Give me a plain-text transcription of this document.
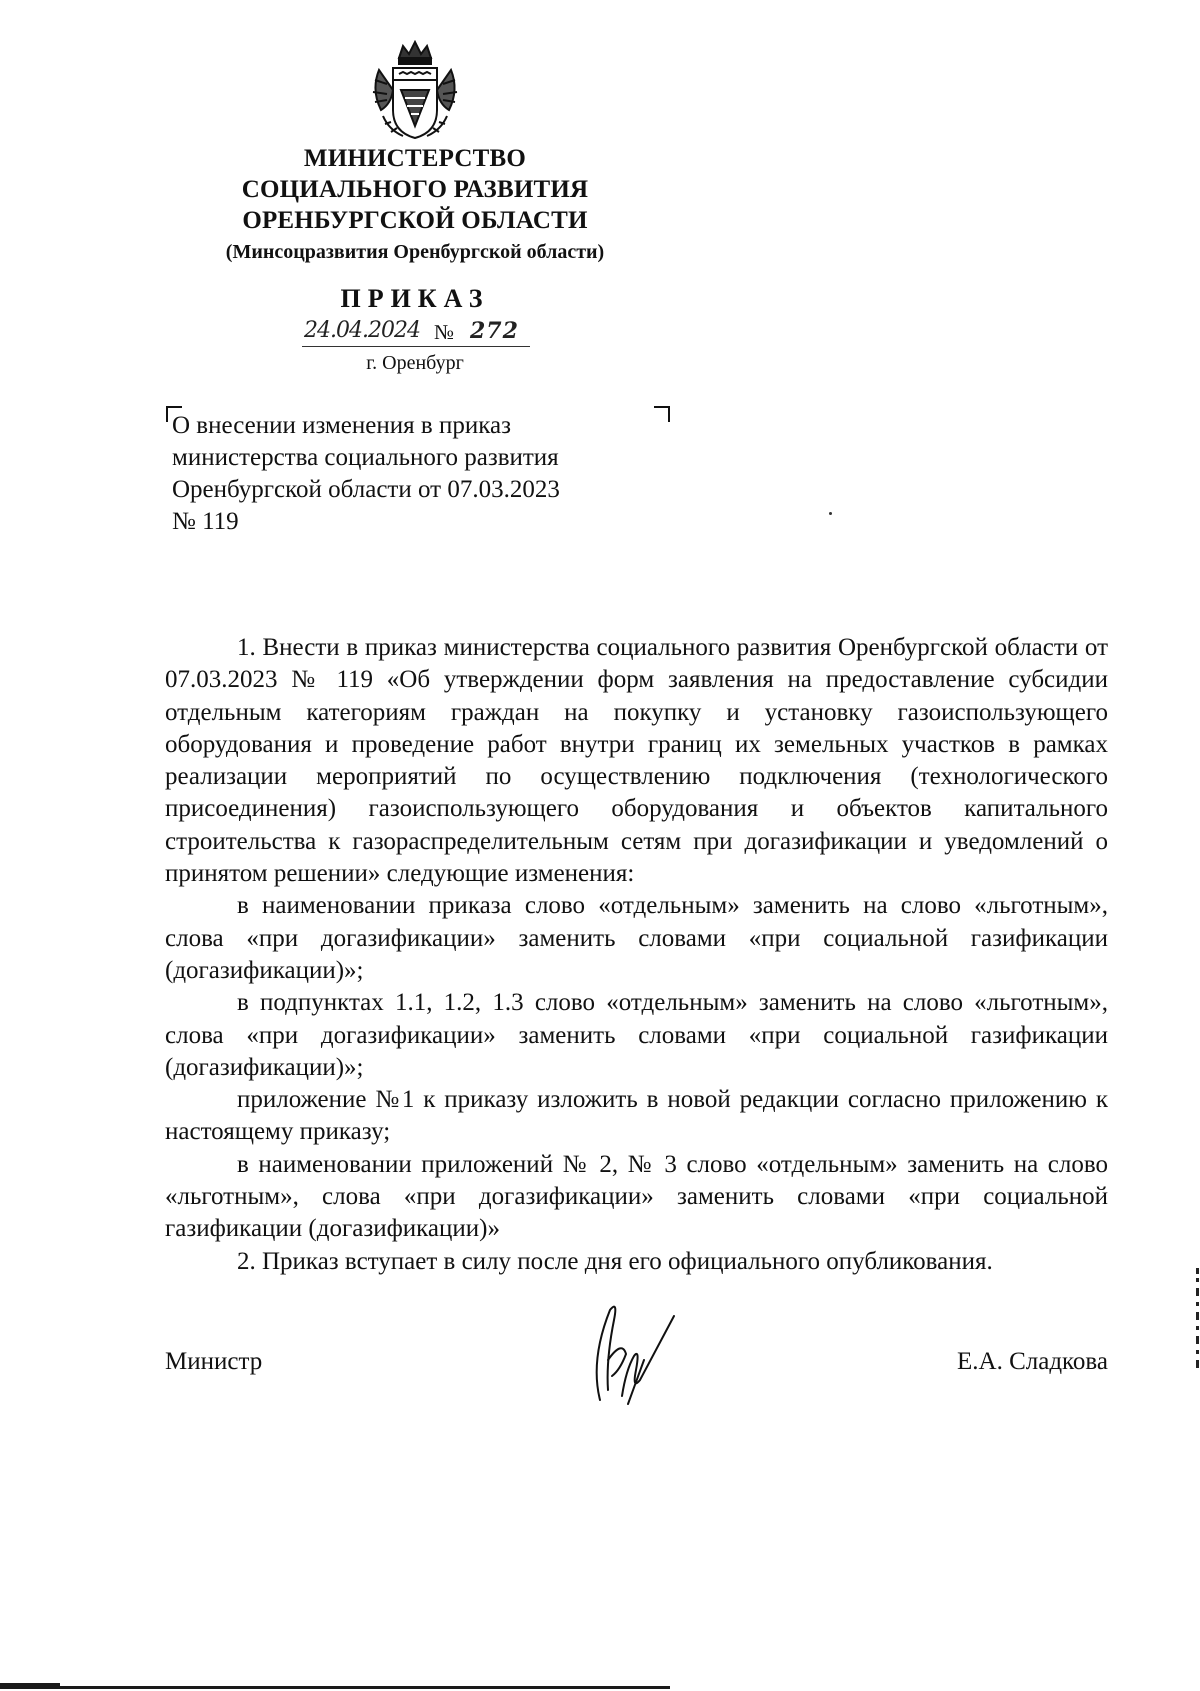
МИНИСТЕРСТВО
СОЦИАЛЬНОГО РАЗВИТИЯ
ОРЕНБУРГСКОЙ ОБЛАСТИ
(Минсоцразвития Оренбургской области)
ПРИКАЗ
24.04.2024 № 272
г. Оренбург

О внесении изменения в приказ

министерства социального развития

Оренбургской области от 07.03.2023

№ 119

1. Внести в приказ министерства социального развития Оренбургской области от 07.03.2023 № 119 «Об утверждении форм заявления на предоставление субсидии отдельным категориям граждан на покупку и установку газоиспользующего оборудования и проведение работ внутри границ их земельных участков в рамках реализации мероприятий по осуществлению подключения (технологического присоединения) газоиспользующего оборудования и объектов капитального строительства к газораспределительным сетям при догазификации и уведомлений о принятом решении» следующие изменения:

в наименовании приказа слово «отдельным» заменить на слово «льготным», слова «при догазификации» заменить словами «при социальной газификации (догазификации)»;

в подпунктах 1.1, 1.2, 1.3 слово «отдельным» заменить на слово «льготным», слова «при догазификации» заменить словами «при социальной газификации (догазификации)»;

приложение №1 к приказу изложить в новой редакции согласно приложению к настоящему приказу;

в наименовании приложений № 2, № 3 слово «отдельным» заменить на слово «льготным», слова «при догазификации» заменить словами «при социальной газификации (догазификации)»

2. Приказ вступает в силу после дня его официального опубликования.

Министр	Е.А. Сладкова
